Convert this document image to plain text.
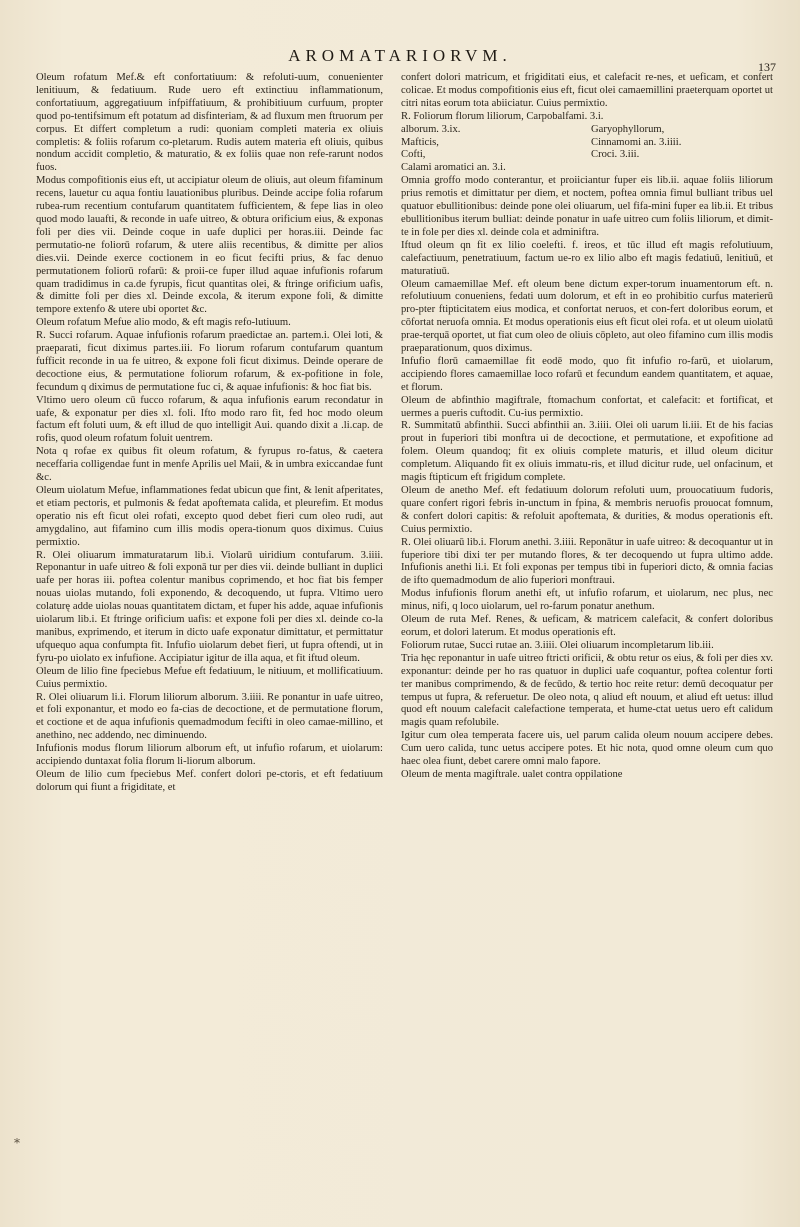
AROMATARIORVM.
137

Oleum rofatum Mef.& eft confortatiuum: & refoluti-uum, conuenienter lenitiuum, & fedatiuum. Rude uero eft extinctiuu inflammationum, confortatiuum, aggregatiuum infpiffatiuum, & prohibitiuum curfuum, propter quod po-tentifsimum eft potatum ad disfinteriam, & ad fluxum men ftruorum per corpus. Et differt completum a rudi: quoniam completi materia ex oliuis completis: & foliis rofarum co-pletarum. Rudis autem materia eft oliuis, quibus nondum accidit completio, & maturatio, & ex foliis quae non refe-rarunt nodos fuos.

Modus compofitionis eius eft, ut accipiatur oleum de oliuis, aut oleum fifaminum recens, lauetur cu aqua fontiu lauationibus pluribus. Deinde accipe folia rofarum rubea-rum recentium contufarum quantitatem fufficientem, & fepe lias in oleo quod modo lauafti, & reconde in uafe uitreo, & obtura orificium eius, & exponas foli per dies vii. Deinde coque in uafe duplici per horas.iii. Deinde fac permutatio-ne foliorū rofarum, & utere aliis recentibus, & dimitte per alios dies.vii. Deinde exerce coctionem in eo ficut fecifti prius, & fac denuo permutationem foliorū rofarū: & proii-ce fuper illud aquae infufionis rofarum quam tradidimus in ca.de fyrupis, ficut quantitas olei, & ftringe orificium uafis, & dimitte foli per dies xl. Deinde excola, & iterum expone foli, & dimitte tempore extenfo & utere ubi oportet &c.

Oleum rofatum Mefue alio modo, & eft magis refo-lutiuum.

R. Succi rofarum. Aquae infufionis rofarum praedictae an. partem.i. Olei loti, & praeparati, ficut diximus partes.iii. Fo liorum rofarum contufarum quantum fufficit reconde in ua fe uitreo, & expone foli ficut diximus. Deinde operare de decoctione eius, & permutatione foliorum rofarum, & ex-pofitione in fole, fecundum q diximus de permutatione fuc ci, & aquae infufionis: & hoc fiat bis.

Vltimo uero oleum cū fucco rofarum, & aqua infufionis earum recondatur in uafe, & exponatur per dies xl. foli. Ifto modo raro fit, fed hoc modo oleum factum eft foluti uum, & eft illud de quo intelligit Aui. quando dixit a .li.cap. de rofis, quod oleum rofatum foluit uentrem.

Nota q rofae ex quibus fit oleum rofatum, & fyrupus ro-fatus, & caetera neceffaria colligendae funt in menfe Aprilis uel Maii, & in umbra exiccandae funt &c.

Oleum uiolatum Mefue, inflammationes fedat ubicun que fint, & lenit afperitates, et etiam pectoris, et pulmonis & fedat apoftemata calida, et pleurefim. Et modus operatio nis eft ficut olei rofati, excepto quod debet fieri cum oleo rudi, aut amygdalino, aut fifamino cum illis modis opera-tionum quos diximus. Cuius permixtio.

R. Olei oliuarum immaturatarum lib.i. Violarū uiridium contufarum. 3.iiii. Reponantur in uafe uitreo & foli exponā tur per dies vii. deinde bulliant in duplici uafe per horas iii. poftea colentur manibus coprimendo, et hoc fiat bis femper nouas uiolas mutando, foli exponendo, & decoquendo, ut fupra. Vltimo uero colaturę adde uiolas nouas quantitatem dictam, et fuper his adde, aquae infufionis uiolarum lib.i. Et ftringe orificium uafis: et expone foli per dies xl. deinde co-la manibus, exprimendo, et iterum in dicto uafe exponatur dimittatur, et permittatur ufquequo aqua confumpta fit. Infufio uiolarum debet fieri, ut fupra oftendi, ut in fyru-po uiolato ex infufione. Accipiatur igitur de illa aqua, et fit iftud oleum.

Oleum de lilio fine fpeciebus Mefue eft fedatiuum, le nitiuum, et mollificatiuum. Cuius permixtio.

R. Olei oliuarum li.i. Florum liliorum alborum. 3.iiii. Re ponantur in uafe uitreo, et foli exponantur, et modo eo fa-cias de decoctione, et de permutatione florum, et coctione et de aqua infufionis quemadmodum fecifti in oleo camae-millino, et anethino, nec addendo, nec diminuendo.

Infufionis modus florum liliorum alborum eft, ut infufio rofarum, et uiolarum: accipiendo duntaxat folia florum li-liorum alborum.

Oleum de lilio cum fpeciebus Mef. confert dolori pe-ctoris, et eft fedatiuum dolorum qui fiunt a frigiditate, et

confert dolori matricum, et frigiditati eius, et calefacit re-nes, et ueficam, et confert colicae. Et modus compofitionis eius eft, ficut olei camaemillini praeterquam oportet ut citri nitas eorum tota abiiciatur. Cuius permixtio.

R. Foliorum florum liliorum, Carpobalfami. 3.i.

alborum. 3.ix.	Garyophyllorum,
Mafticis,	Cinnamomi an. 3.iiii.
Cofti,	Croci. 3.iii.

Calami aromatici an. 3.i.

Omnia groffo modo conterantur, et proiiciantur fuper eis lib.ii. aquae foliis liliorum prius remotis et dimittatur per diem, et noctem, poftea omnia fimul bulliant tribus uel quatuor ebullitionibus: deinde pone olei oliuarum, uel fifa-mini fuper ea lib.ii. Et tribus ebullitionibus iterum bulliat: deinde ponatur in uafe uitreo cum foliis liliorum, et dimit-te in fole per dies xl. deinde cola et adminiftra.

Iftud oleum qn fit ex lilio coelefti. f. ireos, et tūc illud eft magis refolutiuum, calefactiuum, penetratiuum, factum ue-ro ex lilio albo eft magis fedatiuū, lenitiuū, et maturatiuū.

Oleum camaemillae Mef. eft oleum bene dictum exper-torum inuamentorum eft. n. refolutiuum conueniens, fedati uum dolorum, et eft in eo prohibitio curfus materierū pro-pter ftipticitatem eius modica, et confortat neruos, et con-fert doloribus eorum, et cōfortat neruofa omnia. Et modus operationis eius eft ficut olei rofa. et ut oleum uiolatū prae-terquā oportet, ut fiat cum oleo de oliuis cōpleto, aut oleo fifamino cum illis modis praeparationum, quos diximus.

Infufio florū camaemillae fit eodē modo, quo fit infufio ro-farū, et uiolarum, accipiendo flores camaemillae loco rofarū et fecundum eandem quantitatem, et aquae, et florum.

Oleum de abfinthio magiftrale, ftomachum confortat, et calefacit: et fortificat, et uermes a pueris cuftodit. Cu-ius permixtio.

R. Summitatū abfinthii. Succi abfinthii an. 3.iiii. Olei oli uarum li.iii. Et de his facias prout in fuperiori tibi monftra ui de decoctione, et permutatione, et expofitione ad folem. Oleum quandoq; fit ex oliuis complete maturis, et illud oleum dicitur completum. Aliquando fit ex oliuis immatu-ris, et illud dicitur rude, uel onfacinum, et magis ftipticum eft frigidum complete.

Oleum de anetho Mef. eft fedatiuum dolorum refoluti uum, prouocatiuum fudoris, quare confert rigori febris in-unctum in fpina, & membris neruofis prouocat fomnum, & confert dolori capitis: & refoluit apoftemata, & durities, & modus operationis eft. Cuius permixtio.

R. Olei oliuarū lib.i. Florum anethi. 3.iiii. Reponātur in uafe uitreo: & decoquantur ut in fuperiore tibi dixi ter per mutando flores, & ter decoquendo ut fupra ultimo adde. Infufionis anethi li.i. Et foli exponas per tempus tibi in fuperiori dicto, & omnia facias de ifto quemadmodum de alio fuperiori monftraui.

Modus infufionis florum anethi eft, ut infufio rofarum, et uiolarum, nec plus, nec minus, nifi, q loco uiolarum, uel ro-farum ponatur anethum.

Oleum de ruta Mef. Renes, & ueficam, & matricem calefacit, & confert doloribus eorum, et dolori laterum. Et modus operationis eft.

Foliorum rutae, Succi rutae an. 3.iiii. Olei oliuarum incompletarum lib.iii.

Tria hęc reponantur in uafe uitreo ftricti orificii, & obtu retur os eius, & foli per dies xv. exponantur: deinde per ho ras quatuor in duplici uafe coquantur, poftea colentur forti ter manibus comprimendo, & de fecūdo, & tertio hoc reite retur: demū decoquatur per tempus ut fupra, & referuetur. De oleo nota, q aliud eft nouum, et aliud eft uetus: illud quod eft nouum calefacit calefactione temperata, et hume-ctat uetus uero eft calidum magis quam refolubile.

Igitur cum olea temperata facere uis, uel parum calida oleum nouum accipere debes. Cum uero calida, tunc uetus accipere potes. Et hic nota, quod omne oleum cum quo haec olea fiunt, debet carere omni malo fapore.

Oleum de menta magiftrale. ualet contra oppilatione

*
